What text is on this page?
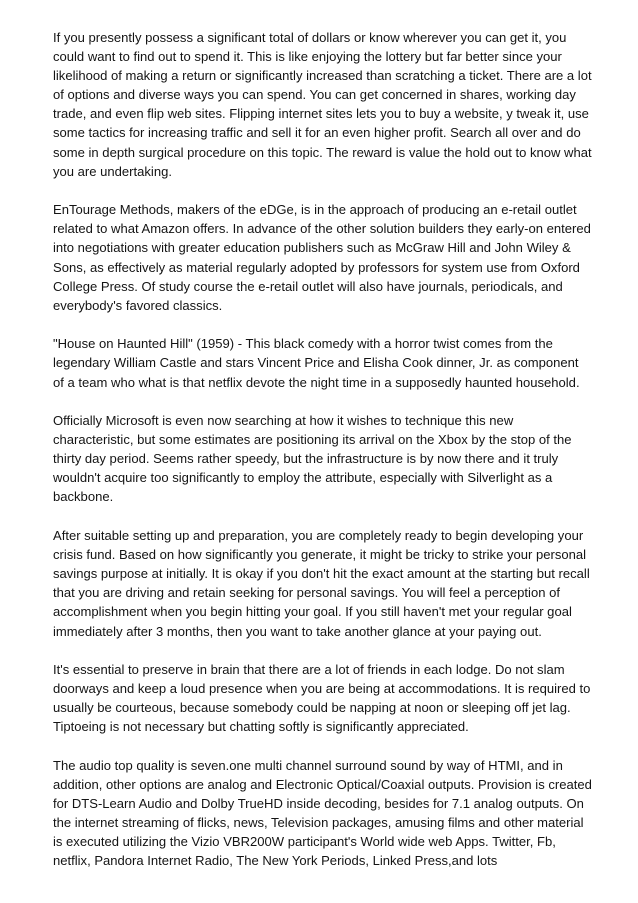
If you presently possess a significant total of dollars or know wherever you can get it, you could want to find out to spend it. This is like enjoying the lottery but far better since your likelihood of making a return or significantly increased than scratching a ticket. There are a lot of options and diverse ways you can spend. You can get concerned in shares, working day trade, and even flip web sites. Flipping internet sites lets you to buy a website, y tweak it, use some tactics for increasing traffic and sell it for an even higher profit. Search all over and do some in depth surgical procedure on this topic. The reward is value the hold out to know what you are undertaking.

EnTourage Methods, makers of the eDGe, is in the approach of producing an e-retail outlet related to what Amazon offers. In advance of the other solution builders they early-on entered into negotiations with greater education publishers such as McGraw Hill and John Wiley & Sons, as effectively as material regularly adopted by professors for system use from Oxford College Press. Of study course the e-retail outlet will also have journals, periodicals, and everybody's favored classics.

"House on Haunted Hill" (1959) - This black comedy with a horror twist comes from the legendary William Castle and stars Vincent Price and Elisha Cook dinner, Jr. as component of a team who what is that netflix devote the night time in a supposedly haunted household.

Officially Microsoft is even now searching at how it wishes to technique this new characteristic, but some estimates are positioning its arrival on the Xbox by the stop of the thirty day period. Seems rather speedy, but the infrastructure is by now there and it truly wouldn't acquire too significantly to employ the attribute, especially with Silverlight as a backbone.

After suitable setting up and preparation, you are completely ready to begin developing your crisis fund. Based on how significantly you generate, it might be tricky to strike your personal savings purpose at initially. It is okay if you don't hit the exact amount at the starting but recall that you are driving and retain seeking for personal savings. You will feel a perception of accomplishment when you begin hitting your goal. If you still haven't met your regular goal immediately after 3 months, then you want to take another glance at your paying out.

It's essential to preserve in brain that there are a lot of friends in each lodge. Do not slam doorways and keep a loud presence when you are being at accommodations. It is required to usually be courteous, because somebody could be napping at noon or sleeping off jet lag. Tiptoeing is not necessary but chatting softly is significantly appreciated.

The audio top quality is seven.one multi channel surround sound by way of HTMI, and in addition, other options are analog and Electronic Optical/Coaxial outputs. Provision is created for DTS-Learn Audio and Dolby TrueHD inside decoding, besides for 7.1 analog outputs. On the internet streaming of flicks, news, Television packages, amusing films and other material is executed utilizing the Vizio VBR200W participant's World wide web Apps. Twitter, Fb, netflix, Pandora Internet Radio, The New York Periods, Linked Press,and lots
